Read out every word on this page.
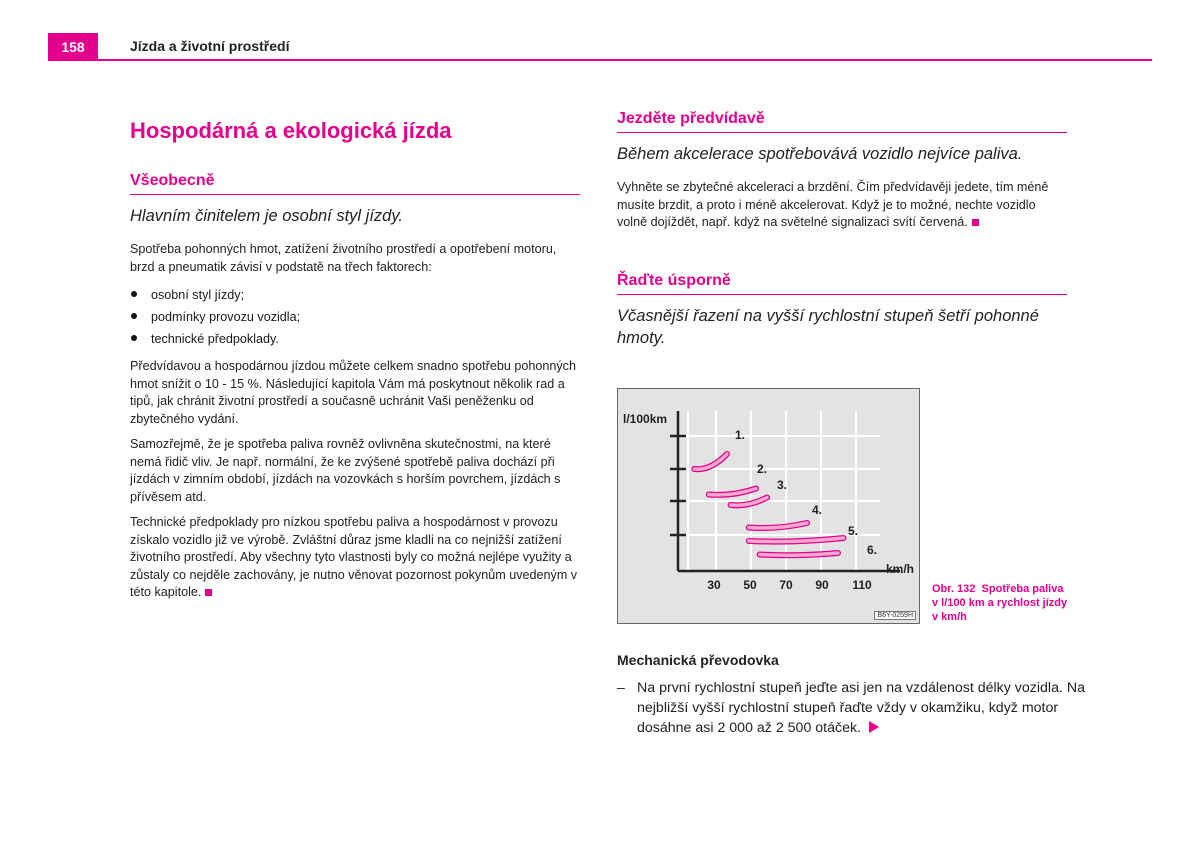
158	Jízda a životní prostředí
Hospodárná a ekologická jízda
Všeobecně

Hlavním činitelem je osobní styl jízdy.

Spotřeba pohonných hmot, zatížení životního prostředí a opotřebení motoru, brzd a pneumatik závisí v podstatě na třech faktorech:

osobní styl jízdy;
podmínky provozu vozidla;
technické předpoklady.

Předvídavou a hospodárnou jízdou můžete celkem snadno spotřebu pohonných hmot snížit o 10 - 15 %. Následující kapitola Vám má poskytnout několik rad a tipů, jak chránit životní prostředí a současně uchránit Vaši peněženku od zbytečného vydání.

Samozřejmě, že je spotřeba paliva rovněž ovlivněna skutečnostmi, na které nemá řidič vliv. Je např. normální, že ke zvýšené spotřebě paliva dochází při jízdách v zimním období, jízdách na vozovkách s horším povrchem, jízdách s přívěsem atd.

Technické předpoklady pro nízkou spotřebu paliva a hospodárnost v provozu získalo vozidlo již ve výrobě. Zvláštní důraz jsme kladli na co nejnižší zatížení životního prostředí. Aby všechny tyto vlastnosti byly co možná nejlépe využity a zůstaly co nejděle zachovány, je nutno věnovat pozornost pokynům uvedeným v této kapitole.

Jezděte předvídavě

Během akcelerace spotřebovává vozidlo nejvíce paliva.

Vyhněte se zbytečné akceleraci a brzdění. Čím předvídavěji jedete, tím méně musíte brzdit, a proto i méně akcelerovat. Když je to možné, nechte vozidlo volně dojíždět, např. když na světelné signalizaci svítí červená.

Řaďte úsporně

Včasnější řazení na vyšší rychlostní stupeň šetří pohonné hmoty.

l/100km
km/h
30 50 70 90 110
1.
2.
3.
4.
5.
6.
B6Y-0259H
Obr. 132 Spotřeba paliva v l/100 km a rychlost jízdy v km/h
Mechanická převodovka
– Na první rychlostní stupeň jeďte asi jen na vzdálenost délky vozidla. Na nejbližší vyšší rychlostní stupeň řaďte vždy v okamžiku, když motor dosáhne asi 2 000 až 2 500 otáček.
